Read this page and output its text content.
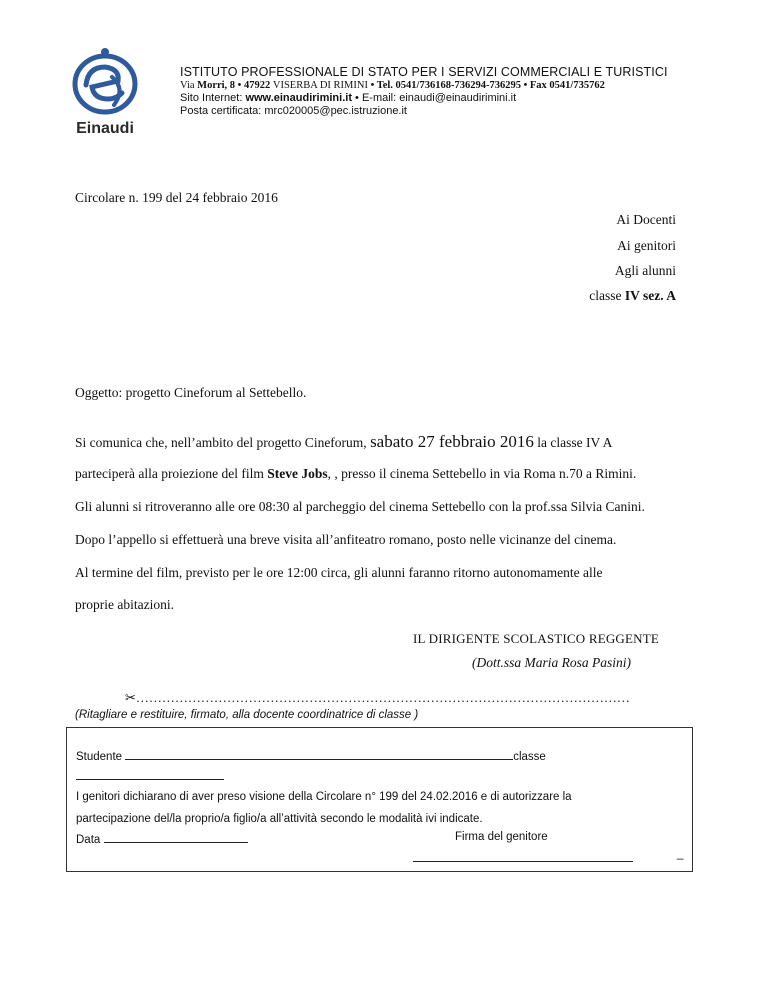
Einaudi
ISTITUTO PROFESSIONALE DI STATO PER I SERVIZI COMMERCIALI E TURISTICI
Via Morri, 8 • 47922 VISERBA DI RIMINI • Tel. 0541/736168-736294-736295 • Fax 0541/735762
Sito Internet: www.einaudirimini.it • E-mail: einaudi@einaudirimini.it
Posta certificata: mrc020005@pec.istruzione.it
Circolare n. 199 del 24 febbraio 2016
Ai Docenti
Ai genitori
Agli alunni
classe IV sez. A
Oggetto: progetto Cineforum al Settebello.
Si comunica che, nell’ambito del progetto Cineforum, sabato 27 febbraio 2016 la classe IV A
parteciperà alla proiezione del film Steve Jobs, , presso il cinema Settebello in via Roma n.70 a Rimini.
Gli alunni si ritroveranno alle ore 08:30 al parcheggio del cinema Settebello con la prof.ssa Silvia Canini.
Dopo l’appello si effettuerà una breve visita all’anfiteatro romano, posto nelle vicinanze del cinema.
Al termine del film, previsto per le ore 12:00 circa, gli alunni faranno ritorno autonomamente alle
proprie abitazioni.
IL DIRIGENTE SCOLASTICO REGGENTE
(Dott.ssa Maria Rosa Pasini)
✂……………………………………………………………………………………………………
(Ritagliare e restituire, firmato, alla docente coordinatrice di classe )
Studente	classe
I genitori dichiarano di aver preso visione della Circolare n° 199 del 24.02.2016 e di autorizzare la
partecipazione del/la proprio/a figlio/a all’attività secondo le modalità ivi indicate.
Data	Firma del genitore
_
